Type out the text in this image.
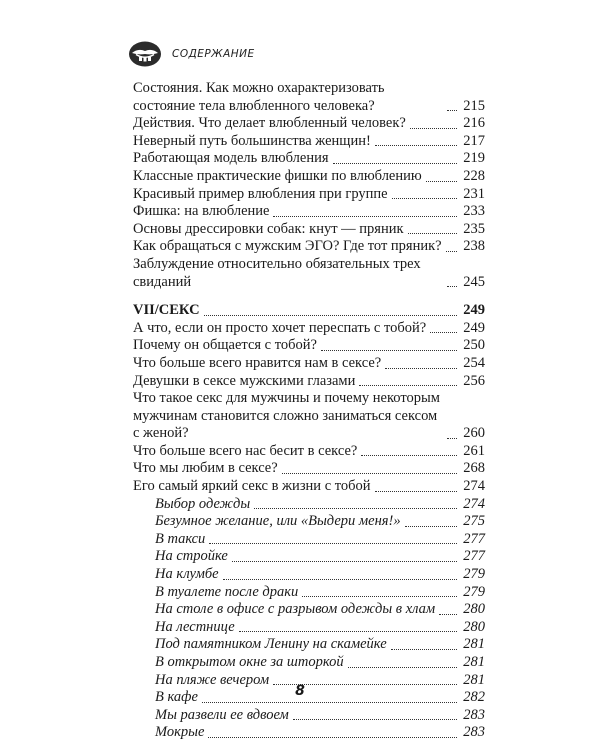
СОДЕРЖАНИЕ
Состояния. Как можно охарактеризовать состояние тела влюбленного человека?	215
Действия. Что делает влюбленный человек?	216
Неверный путь большинства женщин!	217
Работающая модель влюбления	219
Классные практические фишки по влюблению	228
Красивый пример влюбления при группе	231
Фишка: на влюбление	233
Основы дрессировки собак: кнут — пряник	235
Как обращаться с мужским ЭГО? Где тот пряник? 238
Заблуждение относительно обязательных трех свиданий	245
VII/СЕКС	249
А что, если он просто хочет переспать с тобой?	249
Почему он общается с тобой?	250
Что больше всего нравится нам в сексе?	254
Девушки в сексе мужскими глазами	256
Что такое секс для мужчины и почему некоторым мужчинам становится сложно заниматься сексом с женой?	260
Что больше всего нас бесит в сексе?	261
Что мы любим в сексе?	268
Его самый яркий секс в жизни с тобой	274
Выбор одежды	274
Безумное желание, или «Выдери меня!»	275
В такси	277
На стройке	277
На клумбе	279
В туалете после драки	279
На столе в офисе с разрывом одежды в хлам 280
На лестнице	280
Под памятником Ленину на скамейке	281
В открытом окне за шторкой	281
На пляже вечером	281
В кафе	282
Мы развели ее вдвоем	283
Мокрые	283
8
